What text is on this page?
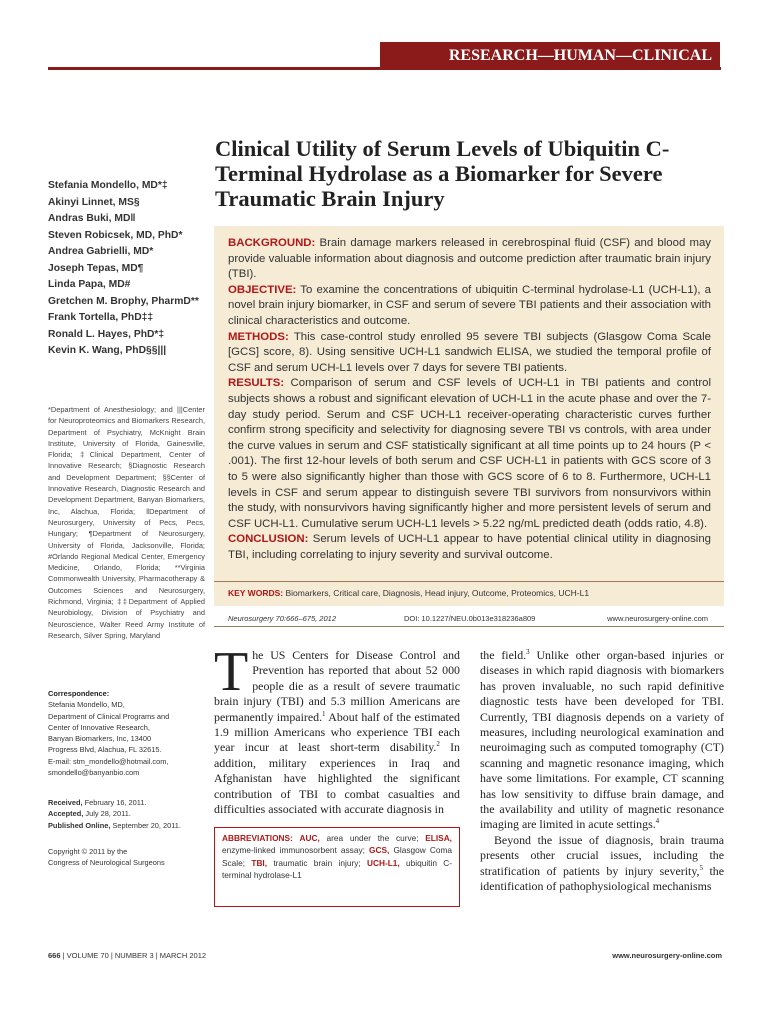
RESEARCH—HUMAN—CLINICAL STUDIES
Clinical Utility of Serum Levels of Ubiquitin C-Terminal Hydrolase as a Biomarker for Severe Traumatic Brain Injury
Stefania Mondello, MD*‡
Akinyi Linnet, MS§
Andras Buki, MD‖
Steven Robicsek, MD, PhD*
Andrea Gabrielli, MD*
Joseph Tepas, MD¶
Linda Papa, MD#
Gretchen M. Brophy, PharmD**
Frank Tortella, PhD‡‡
Ronald L. Hayes, PhD*‡
Kevin K. Wang, PhD§§|||
*Department of Anesthesiology; and |||Center for Neuroproteomics and Biomarkers Research, Department of Psychiatry, McKnight Brain Institute, University of Florida, Gainesville, Florida; ‡Clinical Department, Center of Innovative Research; §Diagnostic Research and Development Department; §§Center of Innovative Research, Diagnostic Research and Development Department, Banyan Biomarkers, Inc, Alachua, Florida; ‖Department of Neurosurgery, University of Pecs, Pecs, Hungary; ¶Department of Neurosurgery, University of Florida, Jacksonville, Florida; #Orlando Regional Medical Center, Emergency Medicine, Orlando, Florida; **Virginia Commonwealth University, Pharmacotherapy & Outcomes Sciences and Neurosurgery, Richmond, Virginia; ‡‡Department of Applied Neurobiology, Division of Psychiatry and Neuroscience, Walter Reed Army Institute of Research, Silver Spring, Maryland
Correspondence:
Stefania Mondello, MD,
Department of Clinical Programs and
Center of Innovative Research,
Banyan Biomarkers, Inc, 13400
Progress Blvd, Alachua, FL 32615.
E-mail: stm_mondello@hotmail.com,
smondello@banyanbio.com
Received, February 16, 2011.
Accepted, July 28, 2011.
Published Online, September 20, 2011.
Copyright © 2011 by the
Congress of Neurological Surgeons

BACKGROUND: Brain damage markers released in cerebrospinal fluid (CSF) and blood may provide valuable information about diagnosis and outcome prediction after traumatic brain injury (TBI).

OBJECTIVE: To examine the concentrations of ubiquitin C-terminal hydrolase-L1 (UCH-L1), a novel brain injury biomarker, in CSF and serum of severe TBI patients and their association with clinical characteristics and outcome.

METHODS: This case-control study enrolled 95 severe TBI subjects (Glasgow Coma Scale [GCS] score, 8). Using sensitive UCH-L1 sandwich ELISA, we studied the temporal profile of CSF and serum UCH-L1 levels over 7 days for severe TBI patients.

RESULTS: Comparison of serum and CSF levels of UCH-L1 in TBI patients and control subjects shows a robust and significant elevation of UCH-L1 in the acute phase and over the 7-day study period. Serum and CSF UCH-L1 receiver-operating characteristic curves further confirm strong specificity and selectivity for diagnosing severe TBI vs controls, with area under the curve values in serum and CSF statistically significant at all time points up to 24 hours (P < .001). The first 12-hour levels of both serum and CSF UCH-L1 in patients with GCS score of 3 to 5 were also significantly higher than those with GCS score of 6 to 8. Furthermore, UCH-L1 levels in CSF and serum appear to distinguish severe TBI survivors from nonsurvivors within the study, with nonsurvivors having significantly higher and more persistent levels of serum and CSF UCH-L1. Cumulative serum UCH-L1 levels > 5.22 ng/mL predicted death (odds ratio, 4.8).

CONCLUSION: Serum levels of UCH-L1 appear to have potential clinical utility in diagnosing TBI, including correlating to injury severity and survival outcome.

KEY WORDS: Biomarkers, Critical care, Diagnosis, Head injury, Outcome, Proteomics, UCH-L1
Neurosurgery 70:666–675, 2012	DOI: 10.1227/NEU.0b013e318236a809	www.neurosurgery-online.com
The US Centers for Disease Control and Prevention has reported that about 52 000 people die as a result of severe traumatic brain injury (TBI) and 5.3 million Americans are permanently impaired.$^1$ About half of the estimated 1.9 million Americans who experience TBI each year incur at least short-term disability.$^2$ In addition, military experiences in Iraq and Afghanistan have highlighted the significant contribution of TBI to combat casualties and difficulties associated with accurate diagnosis in
ABBREVIATIONS: AUC, area under the curve; ELISA, enzyme-linked immunosorbent assay; GCS, Glasgow Coma Scale; TBI, traumatic brain injury; UCH-L1, ubiquitin C-terminal hydrolase-L1

the field.$^3$ Unlike other organ-based injuries or diseases in which rapid diagnosis with biomarkers has proven invaluable, no such rapid definitive diagnostic tests have been developed for TBI. Currently, TBI diagnosis depends on a variety of measures, including neurological examination and neuroimaging such as computed tomography (CT) scanning and magnetic resonance imaging, which have some limitations. For example, CT scanning has low sensitivity to diffuse brain damage, and the availability and utility of magnetic resonance imaging are limited in acute settings.$^4$

Beyond the issue of diagnosis, brain trauma presents other crucial issues, including the stratification of patients by injury severity,$^5$ the identification of pathophysiological mechanisms

666 | VOLUME 70 | NUMBER 3 | MARCH 2012	www.neurosurgery-online.com
